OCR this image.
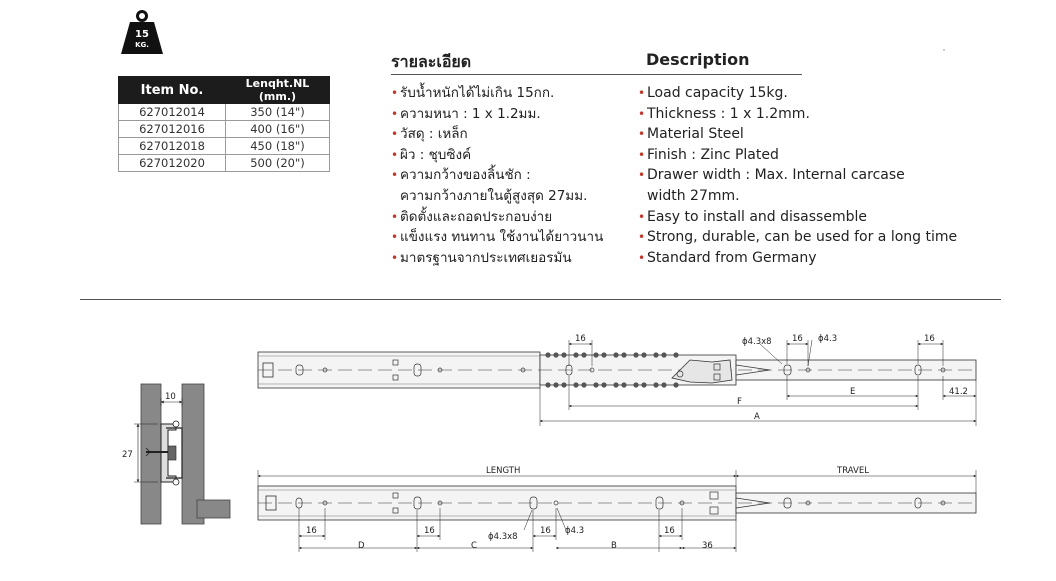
15
KG.
Item No.	Lenqht.NL (mm.)
627012014	350 (14")
627012016	400 (16")
627012018	450 (18")
627012020	500 (20")
รายละเอียด	Description
• รับน้ำหนักได้ไม่เกิน 15กก.
• ความหนา : 1 x 1.2มม.
• วัสดุ : เหล็ก
• ผิว : ชุบซิงค์
• ความกว้างของลิ้นชัก :
ความกว้างภายในตู้สูงสุด 27มม.
• ติดตั้งและถอดประกอบง่าย
• แข็งแรง ทนทาน ใช้งานได้ยาวนาน
• มาตรฐานจากประเทศเยอรมัน
• Load capacity 15kg.
• Thickness : 1 x 1.2mm.
• Material Steel
• Finish : Zinc Plated
• Drawer width : Max. Internal carcase
width 27mm.
• Easy to install and disassemble
• Strong, durable, can be used for a long time
• Standard from Germany
10
27
16	ϕ4.3x8 16 ϕ4.3	16
E	41.2
F
A
LENGTH	TRAVEL
16	16	16	16
ϕ4.3x8
ϕ4.3
D	C	B	36
